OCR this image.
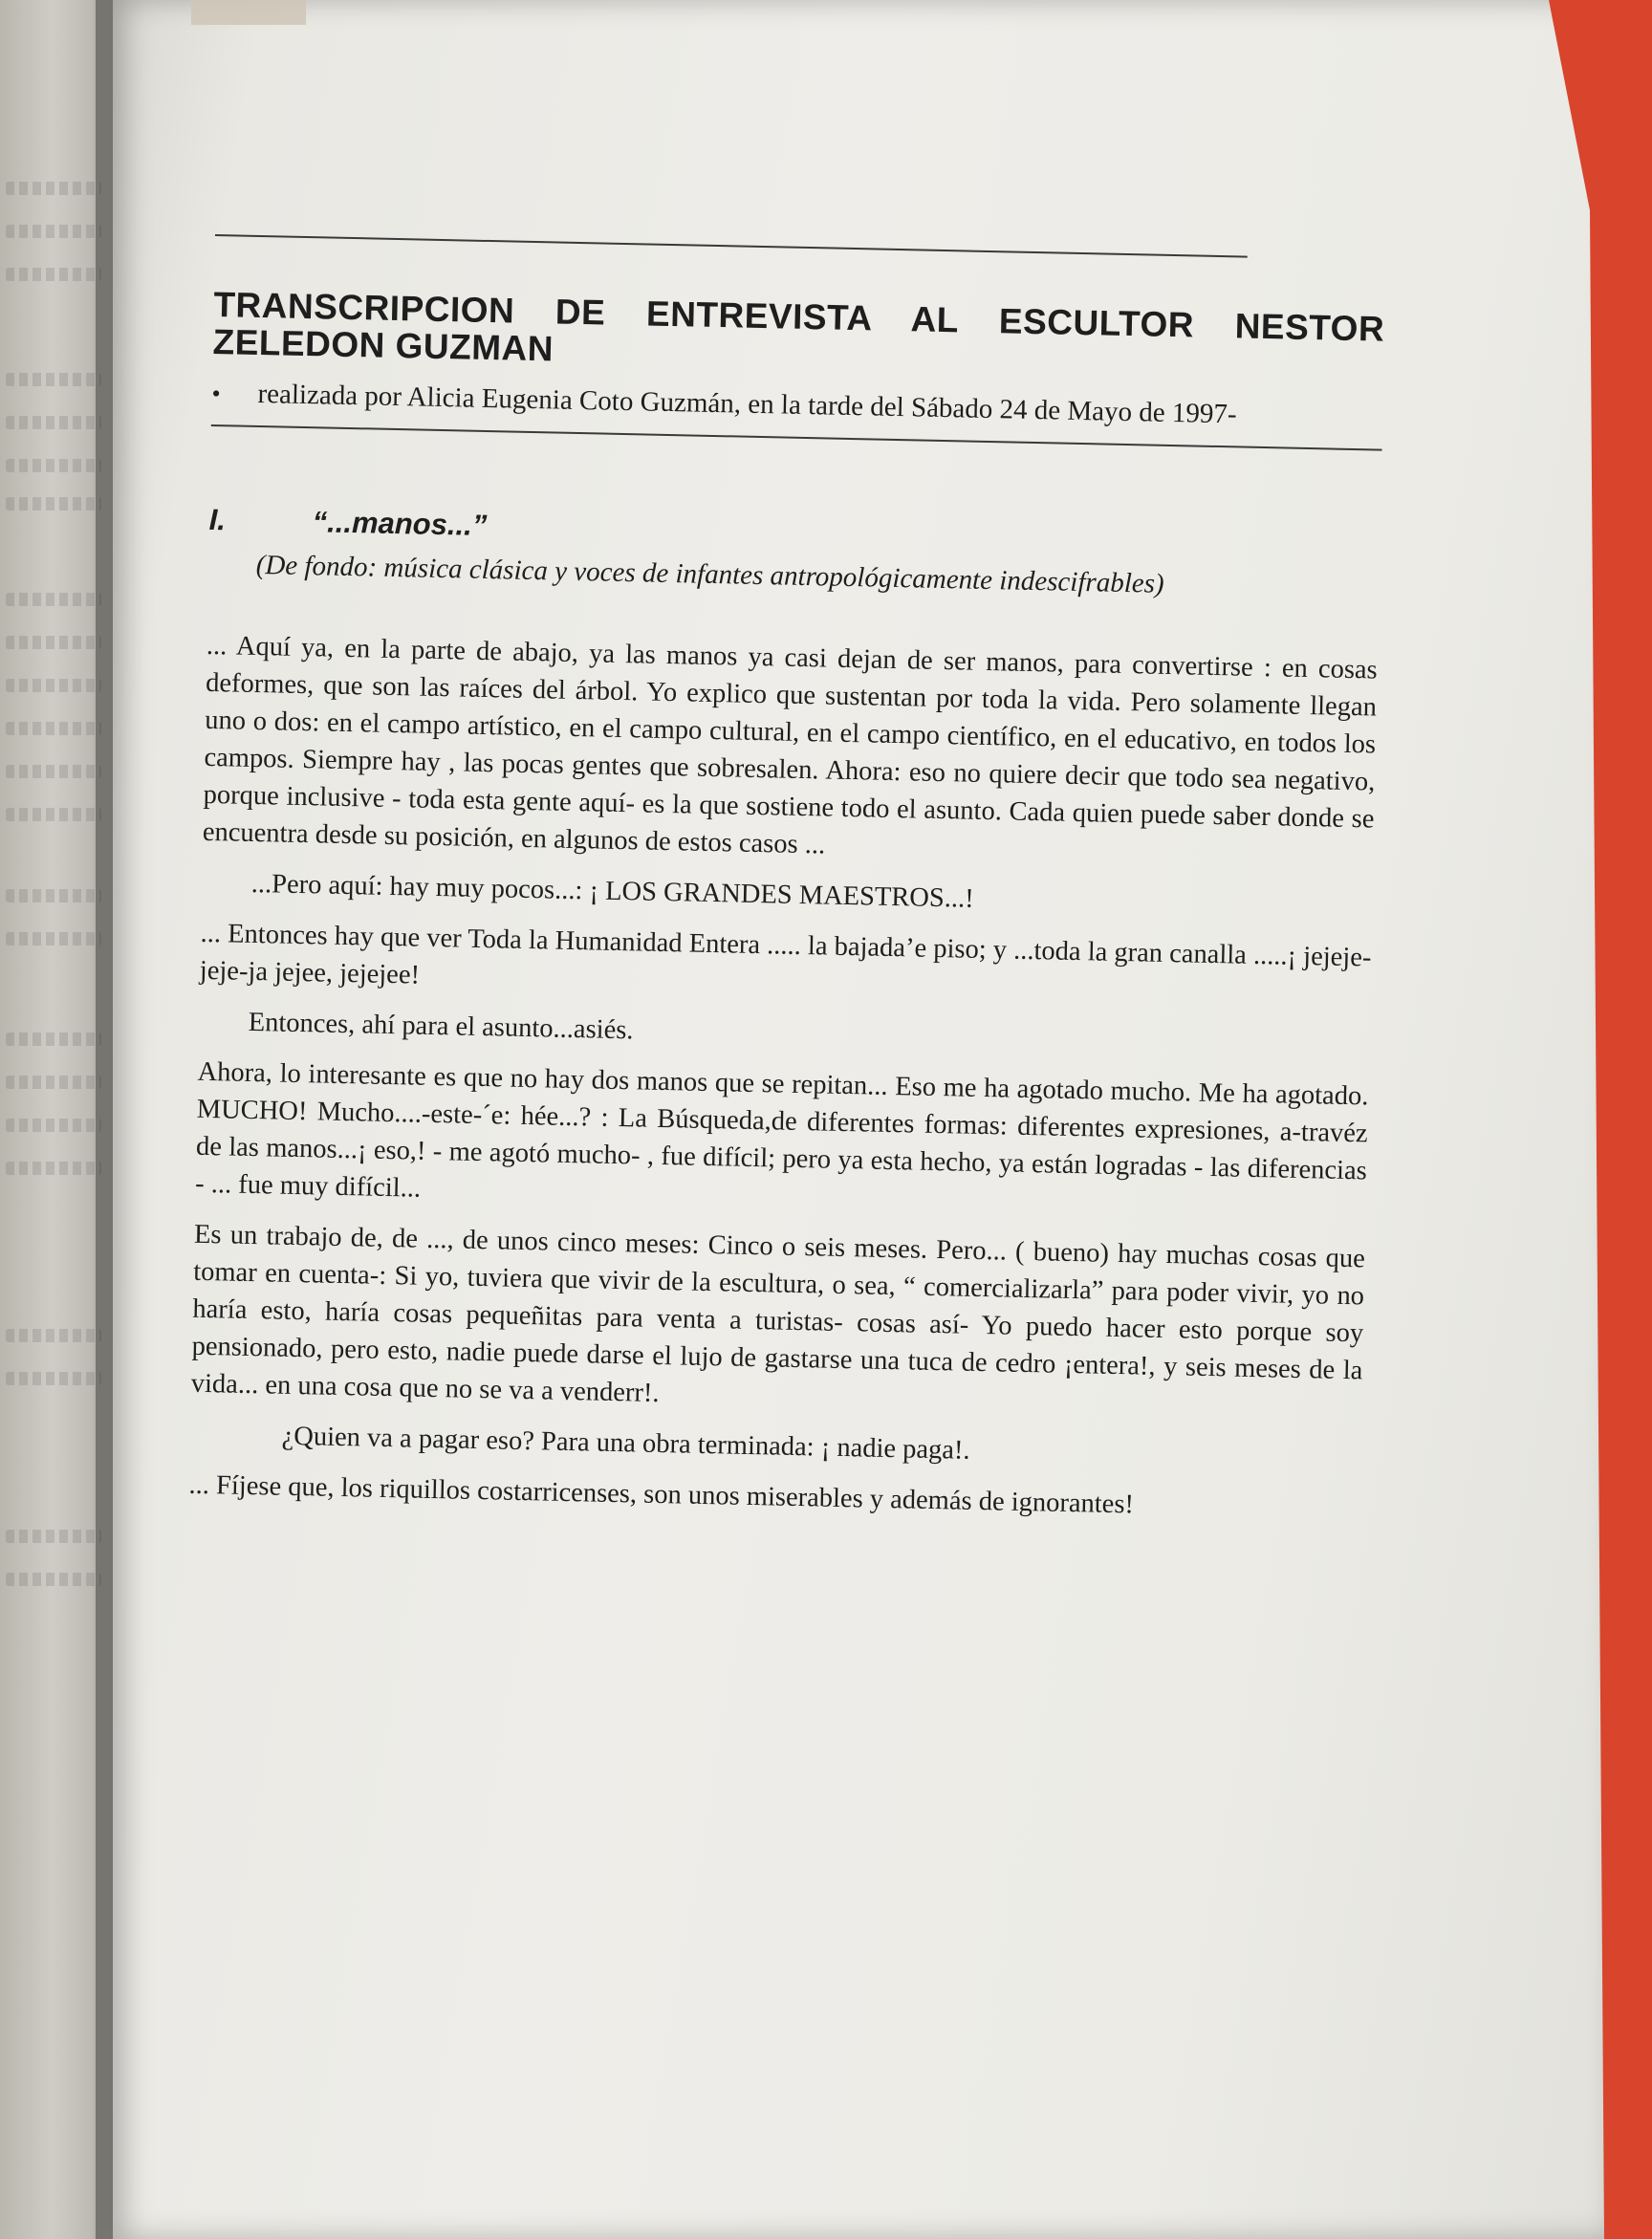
TRANSCRIPCION DE ENTREVISTA AL ESCULTOR NESTOR ZELEDON GUZMAN
•	realizada por Alicia Eugenia Coto Guzmán, en la tarde del Sábado 24 de Mayo de 1997-
I.	“...manos...”
(De fondo: música clásica y voces de infantes antropológicamente indescifrables)

... Aquí ya, en la parte de abajo, ya las manos ya casi dejan de ser manos, para convertirse : en cosas deformes, que son las raíces del árbol. Yo explico que sustentan por toda la vida. Pero solamente llegan uno o dos: en el campo artístico, en el campo cultural, en el campo científico, en el educativo, en todos los campos. Siempre hay , las pocas gentes que sobresalen. Ahora: eso no quiere decir que todo sea negativo, porque inclusive - toda esta gente aquí- es la que sostiene todo el asunto. Cada quien puede saber donde se encuentra desde su posición, en algunos de estos casos ...

...Pero aquí: hay muy pocos...: ¡ LOS GRANDES MAESTROS...!

... Entonces hay que ver Toda la Humanidad Entera ..... la bajada’e piso; y ...toda la gran canalla .....¡ jejeje-jeje-ja jejee, jejejee!

Entonces, ahí para el asunto...asiés.

Ahora, lo interesante es que no hay dos manos que se repitan... Eso me ha agotado mucho. Me ha agotado. MUCHO! Mucho....-este-´e: hée...? : La Búsqueda,de diferentes formas: diferentes expresiones, a-travéz de las manos...¡ eso,! - me agotó mucho- , fue difícil; pero ya esta hecho, ya están logradas - las diferencias - ... fue muy difícil...

Es un trabajo de, de ..., de unos cinco meses: Cinco o seis meses. Pero... ( bueno) hay muchas cosas que tomar en cuenta-: Si yo, tuviera que vivir de la escultura, o sea, “ comercializarla” para poder vivir, yo no haría esto, haría cosas pequeñitas para venta a turistas- cosas así- Yo puedo hacer esto porque soy pensionado, pero esto, nadie puede darse el lujo de gastarse una tuca de cedro ¡entera!, y seis meses de la vida... en una cosa que no se va a venderr!.

¿Quien va a pagar eso? Para una obra terminada: ¡ nadie paga!.

... Fíjese que, los riquillos costarricenses, son unos miserables y además de ignorantes!
